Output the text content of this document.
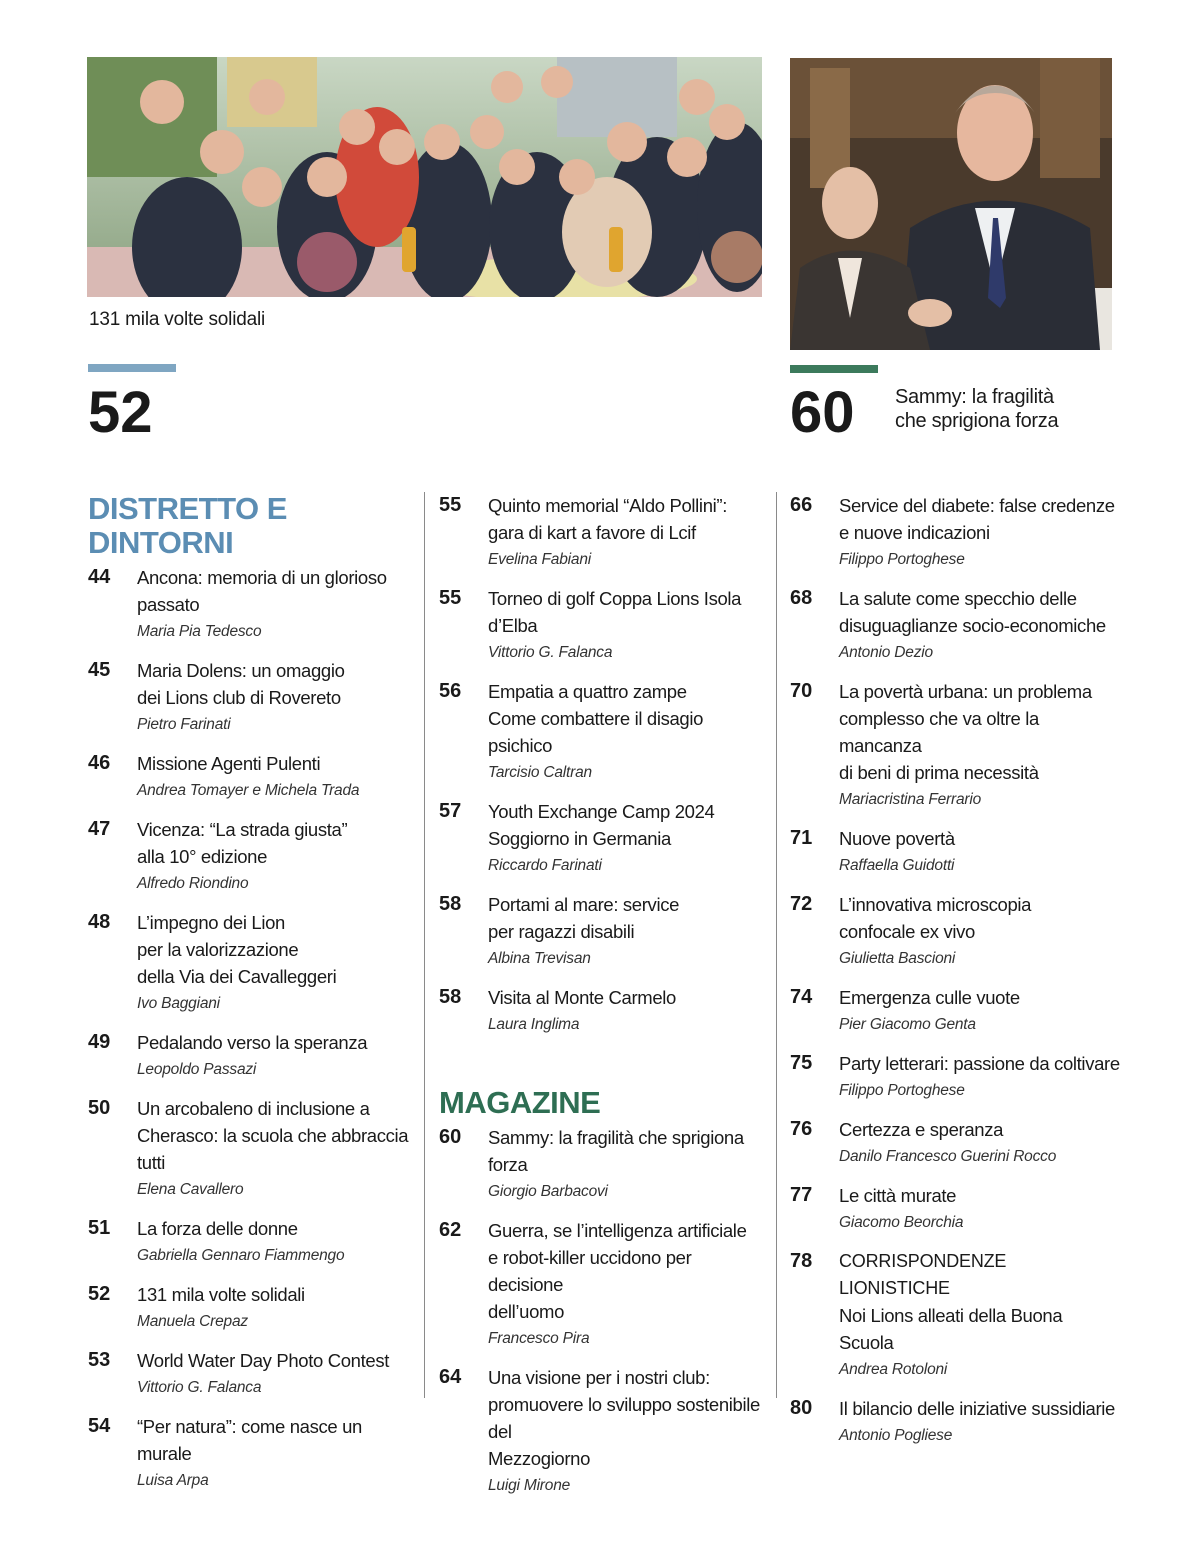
131 mila volte solidali
52	60 Sammy: la fragilità
che sprigiona forza
DISTRETTO E DINTORNI
44	Ancona: memoria di un glorioso
passato
Maria Pia Tedesco
45	Maria Dolens: un omaggio
dei Lions club di Rovereto
Pietro Farinati
46	Missione Agenti Pulenti
Andrea Tomayer e Michela Trada
47	Vicenza: “La strada giusta”
alla 10° edizione
Alfredo Riondino
48	L’impegno dei Lion
per la valorizzazione
della Via dei Cavalleggeri
Ivo Baggiani
49	Pedalando verso la speranza
Leopoldo Passazi
50	Un arcobaleno di inclusione a
Cherasco: la scuola che abbraccia tutti
Elena Cavallero
51	La forza delle donne
Gabriella Gennaro Fiammengo
52	131 mila volte solidali
Manuela Crepaz
53	World Water Day Photo Contest
Vittorio G. Falanca
54	“Per natura”: come nasce un murale
Luisa Arpa
55	Quinto memorial “Aldo Pollini”:
gara di kart a favore di Lcif
Evelina Fabiani
55	Torneo di golf Coppa Lions Isola d’Elba
Vittorio G. Falanca
56	Empatia a quattro zampe
Come combattere il disagio psichico
Tarcisio Caltran
57	Youth Exchange Camp 2024
Soggiorno in Germania
Riccardo Farinati
58	Portami al mare: service
per ragazzi disabili
Albina Trevisan
58	Visita al Monte Carmelo
Laura Inglima
MAGAZINE
60	Sammy: la fragilità che sprigiona forza
Giorgio Barbacovi
62	Guerra, se l’intelligenza artificiale
e robot-killer uccidono per decisione
dell’uomo
Francesco Pira
64	Una visione per i nostri club:
promuovere lo sviluppo sostenibile del
Mezzogiorno
Luigi Mirone
66	Service del diabete: false credenze
e nuove indicazioni
Filippo Portoghese
68	La salute come specchio delle
disuguaglianze socio-economiche
Antonio Dezio
70	La povertà urbana: un problema
complesso che va oltre la mancanza
di beni di prima necessità
Mariacristina Ferrario
71	Nuove povertà
Raffaella Guidotti
72	L’innovativa microscopia
confocale ex vivo
Giulietta Bascioni
74	Emergenza culle vuote
Pier Giacomo Genta
75	Party letterari: passione da coltivare
Filippo Portoghese
76	Certezza e speranza
Danilo Francesco Guerini Rocco
77	Le città murate
Giacomo Beorchia
78	CORRISPONDENZE LIONISTICHE
Noi Lions alleati della Buona Scuola
Andrea Rotoloni
80	Il bilancio delle iniziative sussidiarie
Antonio Pogliese
